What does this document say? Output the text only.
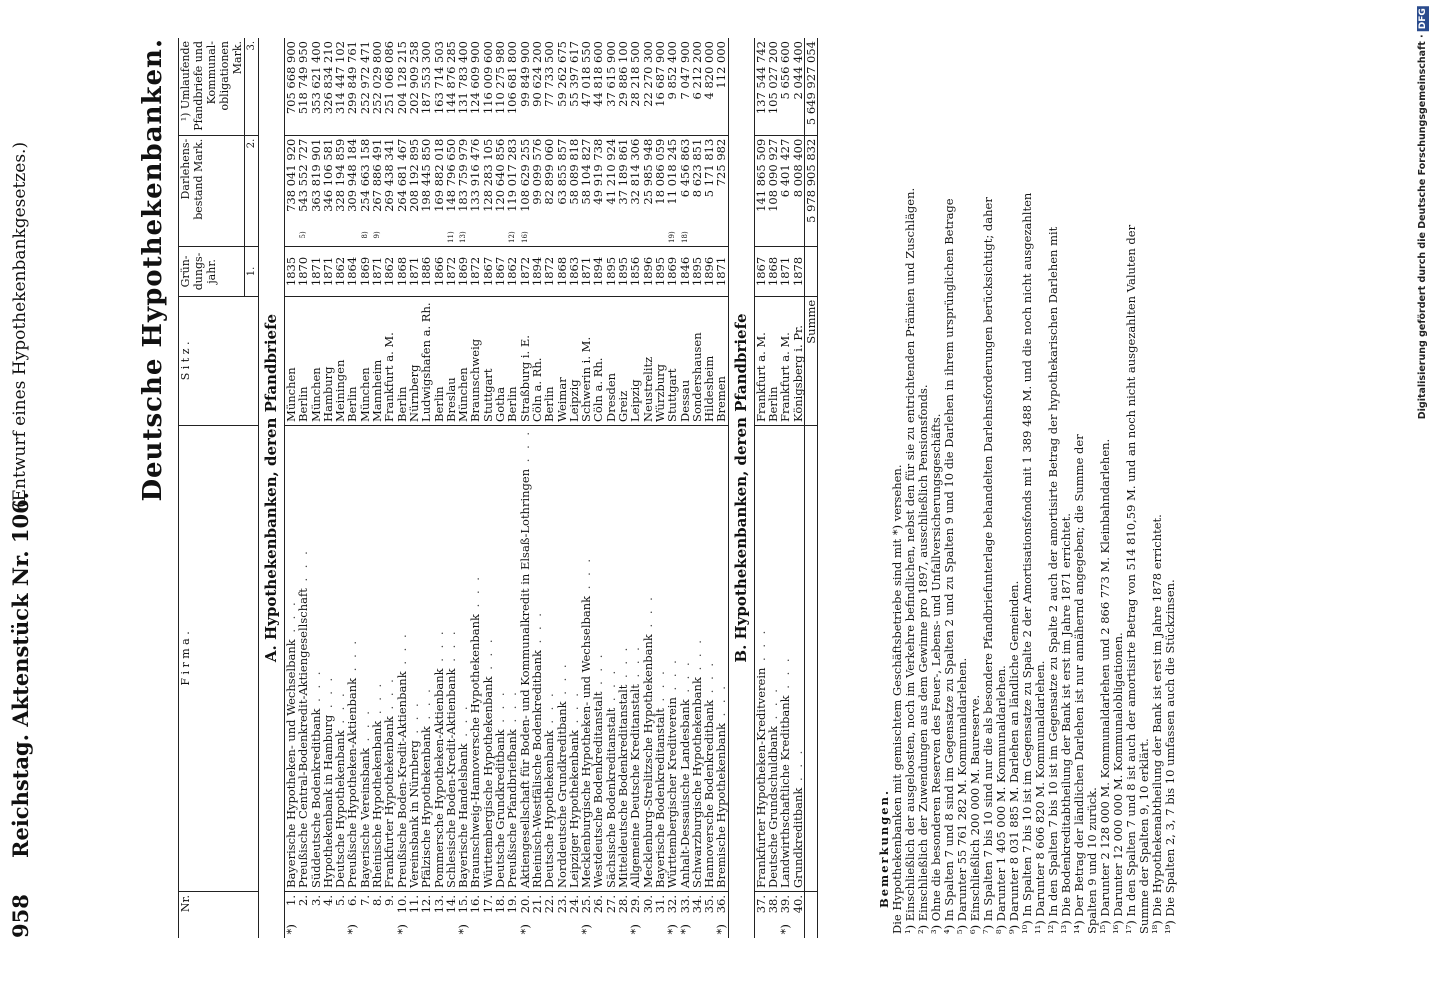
958
Reichstag. Aktenstück Nr. 106.
(Entwurf eines Hypothekenbankgesetzes.)	Deutsche Hypothekenbanken.
	Nr.	F i r m a .	S i t z .	Grün-dungs-jahr.	Darlehens-bestand Mark.		¹) Umlaufende Pfandbriefe und Kommunal-obligationen Mark.
				1.	2.		3.
A. Hypothekenbanken, deren Pfandbriefe							
*)	1.	Bayerische Hypotheken- und Wechselbank . . .	München	1835		738 041 920	705 668 900
	2.	Preußische Central-Bodenkredit-Aktiengesellschaft . . .	Berlin	1870	5)	543 552 727	518 749 950
	3.	Süddeutsche Bodenkreditbank . . .	München	1871		363 819 901	353 621 400
	4.	Hypothekenbank in Hamburg . . .	Hamburg	1871		346 106 581	326 834 210
	5.	Deutsche Hypothekenbank . . .	Meiningen	1862		328 194 859	314 447 102
*)	6.	Preußische Hypotheken-Aktienbank . . .	Berlin	1864		309 948 184	299 849 761
	7.	Bayerische Vereinsbank . . .	München	1869	8)	254 663 158	252 972 471
	8.	Rheinische Hypothekenbank . . .	Mannheim	1871	9)	267 886 491	252 029 800
	9.	Frankfurter Hypothekenbank . . .	Frankfurt a. M.	1862		269 438 341	251 068 086
*)	10.	Preußische Boden-Kredit-Aktienbank . . .	Berlin	1868		264 681 467	204 128 215
	11.	Vereinsbank in Nürnberg . . .	Nürnberg	1871		208 192 895	202 909 258
	12.	Pfälzische Hypothekenbank . . .	Ludwigshafen a. Rh.	1886		198 445 850	187 553 300
	13.	Pommersche Hypotheken-Aktienbank . . .	Berlin	1866		169 882 018	163 714 503
	14.	Schlesische Boden-Kredit-Aktienbank . . .	Breslau	1872	11)	148 796 650	144 876 285
*)	15.	Bayerische Handelsbank . . .	München	1869	13)	183 759 979	131 783 400
	16.	Braunschweig-Hannoversche Hypothekenbank . . .	Braunschweig	1872		133 916 476	124 609 900
	17.	Württembergische Hypothekenbank . . .	Stuttgart	1867		128 283 105	116 009 600
	18.	Deutsche Grundkreditbank . . .	Gotha	1867		120 640 856	110 275 980
	19.	Preußische Pfandbriefbank . . .	Berlin	1862	12)	119 017 283	106 681 800
*)	20.	Aktiengesellschaft für Boden- und Kommunalkredit in Elsaß-Lothringen . . .	Straßburg i. E.	1872	16)	108 629 255	99 849 900
	21.	Rheinisch-Westfälische Bodenkreditbank . . .	Cöln a. Rh.	1894		99 099 576	90 624 200
	22.	Deutsche Hypothekenbank . . .	Berlin	1872		82 899 060	77 733 500
	23.	Norddeutsche Grundkreditbank . . .	Weimar	1868		63 855 857	59 262 675
	24.	Leipziger Hypothekenbank . . .	Leipzig	1863		58 089 818	55 397 617
*)	25.	Mecklenburgische Hypotheken- und Wechselbank . . .	Schwerin i. M.	1871		58 104 827	47 018 550
	26.	Westdeutsche Bodenkreditanstalt . . .	Cöln a. Rh.	1894		49 919 738	44 818 600
	27.	Sächsische Bodenkreditanstalt . . .	Dresden	1895		41 210 924	37 615 900
	28.	Mitteldeutsche Bodenkreditanstalt . . .	Greiz	1895		37 189 861	29 886 100
*)	29.	Allgemeine Deutsche Kreditanstalt . . .	Leipzig	1856		32 814 306	28 218 500
	30.	Mecklenburg-Strelitzsche Hypothekenbank . . .	Neustrelitz	1896		25 985 948	22 270 300
	31.	Bayerische Bodenkreditanstalt . . .	Würzburg	1895		18 086 059	16 687 900
*)	32.	Württembergischer Kreditverein . . .	Stuttgart	1869	19)	11 018 245	9 852 400
*)	33.	Anhalt-Dessauische Landesbank . . .	Dessau	1846	18)	6 456 863	7 047 900
	34.	Schwarzburgische Hypothekenbank . . .	Sondershausen	1895		8 623 851	6 212 200
	35.	Hannoversche Bodenkreditbank . . .	Hildesheim	1896		5 171 813	4 820 000
*)	36.	Bremische Hypothekenbank . . .	Bremen	1871		725 982	112 000
B. Hypothekenbanken, deren Pfandbriefe							
	37.	Frankfurter Hypotheken-Kreditverein . . .	Frankfurt a. M.	1867		141 865 509	137 544 742
	38.	Deutsche Grundschuldbank . . .	Berlin	1868		108 090 927	105 027 200
*)	39.	Landwirthschaftliche Kreditbank . . .	Frankfurt a. M.	1871		6 401 427	5 656 600
	40.	Grundkreditbank . . .	Königsberg i. Pr.	1878		8 008 400	2 044 400
			Summe			5 978 905 832	5 649 927 054
Bemerkungen. Die Hypothekenbanken mit gemischtem Geschäftsbetriebe sind mit *) versehen. ¹) Einschließlich der ausgeloosten, noch im Verkehre befindlichen, nebst den für sie zu entrichtenden Prämien und Zuschlägen. ²) Einschließlich der Zuwendungen aus dem Gewinne pro 1897, ausschließlich Pensionsfonds. ³) Ohne die besonderen Reserven des Feuer-, Lebens- und Unfallversicherungsgeschäfts. ⁴) In Spalten 7 und 8 sind im Gegensatze zu Spalten 2 und zu Spalten 9 und 10 die Darlehen in ihrem ursprünglichen Betrage ⁵) Darunter 55 761 282 M. Kommunaldarlehen. ⁶) Einschließlich 200 000 M. Baureserve. ⁷) In Spalten 7 bis 10 sind nur die als besondere Pfandbriefunterlage behandelten Darlehnsforderungen berücksichtigt; daher ⁸) Darunter 1 405 000 M. Kommunaldarlehen. ⁹) Darunter 8 031 885 M. Darlehen an ländliche Gemeinden. ¹⁰) In Spalten 7 bis 10 ist im Gegensatze zu Spalte 2 der Amortisationsfonds mit 1 389 488 M. und die noch nicht ausgezahlten ¹¹) Darunter 8 606 820 M. Kommunaldarlehen. ¹²) In den Spalten 7 bis 10 ist im Gegensatze zu Spalte 2 auch der amortisirte Betrag der hypothekarischen Darlehen mit ¹³) Die Bodenkreditabtheilung der Bank ist erst im Jahre 1871 errichtet. ¹⁴) Der Betrag der ländlichen Darlehen ist nur annähernd angegeben; die Summe der Spalten 9 und 10 zurück. ¹⁵) Darunter 2 128 000 M. Kommunaldarlehen und 2 866 773 M. Kleinbahndarlehen. ¹⁶) Darunter 12 000 000 M. Kommunalobligationen. ¹⁷) In den Spalten 7 und 8 ist auch der amortisirte Betrag von 514 810,59 M. und an noch nicht ausgezahlten Valuten der Summe der Spalten 9, 10 erklärt. ¹⁸) Die Hypothekenabtheilung der Bank ist erst im Jahre 1878 errichtet. ¹⁹) Die Spalten 2, 3, 7 bis 10 umfassen auch die Stückzinsen.

Digitalisierung gefördert durch die Deutsche Forschungsgemeinschaft · DFG
